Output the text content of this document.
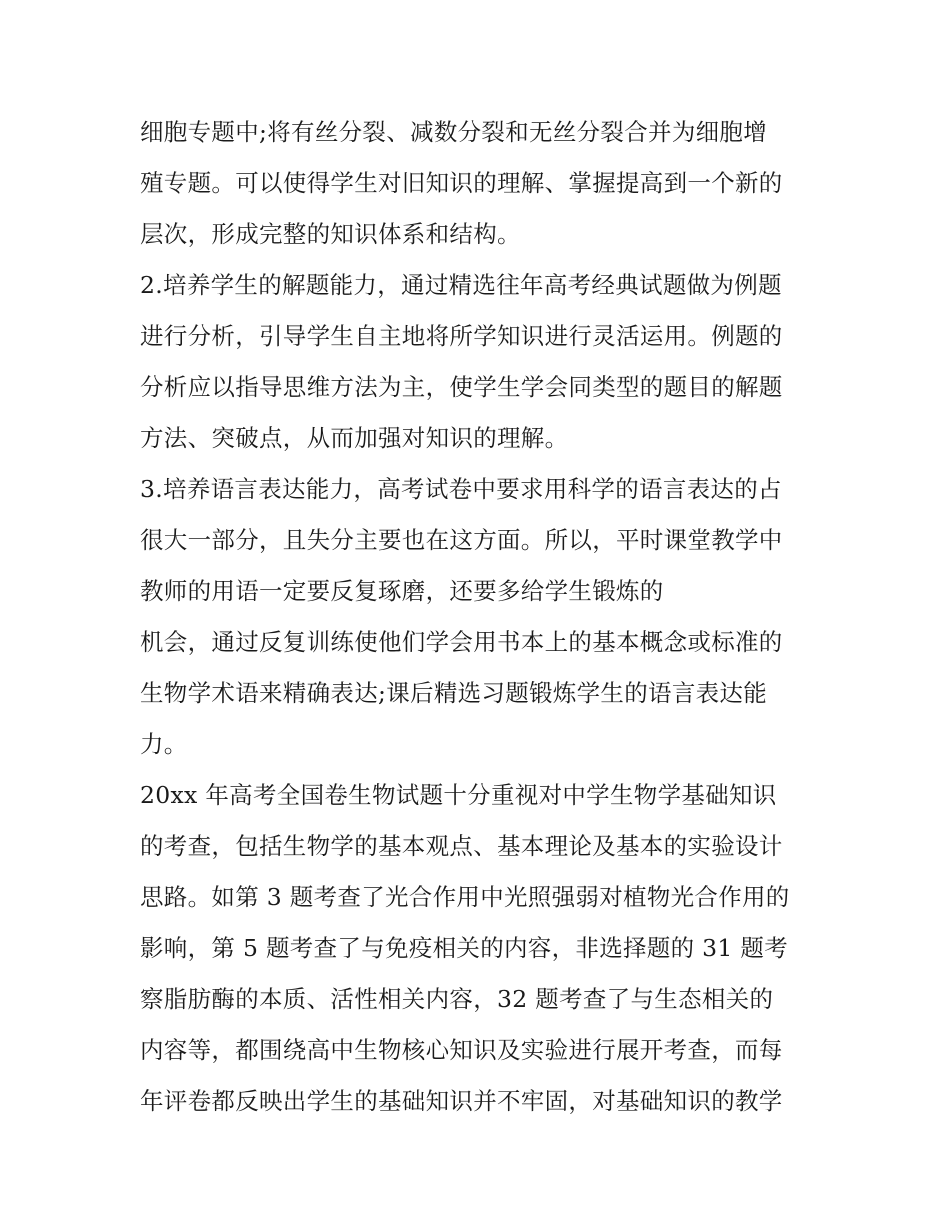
细胞专题中;将有丝分裂、减数分裂和无丝分裂合并为细胞增
殖专题。可以使得学生对旧知识的理解、掌握提高到一个新的
层次，形成完整的知识体系和结构。
2.培养学生的解题能力，通过精选往年高考经典试题做为例题
进行分析，引导学生自主地将所学知识进行灵活运用。例题的
分析应以指导思维方法为主，使学生学会同类型的题目的解题
方法、突破点，从而加强对知识的理解。
3.培养语言表达能力，高考试卷中要求用科学的语言表达的占
很大一部分，且失分主要也在这方面。所以，平时课堂教学中
教师的用语一定要反复琢磨，还要多给学生锻炼的
机会，通过反复训练使他们学会用书本上的基本概念或标准的
生物学术语来精确表达;课后精选习题锻炼学生的语言表达能
力。
20xx 年高考全国卷生物试题十分重视对中学生物学基础知识
的考查，包括生物学的基本观点、基本理论及基本的实验设计
思路。如第 3 题考查了光合作用中光照强弱对植物光合作用的
影响，第 5 题考查了与免疫相关的内容，非选择题的 31 题考
察脂肪酶的本质、活性相关内容，32 题考查了与生态相关的
内容等，都围绕高中生物核心知识及实验进行展开考查，而每
年评卷都反映出学生的基础知识并不牢固，对基础知识的教学
